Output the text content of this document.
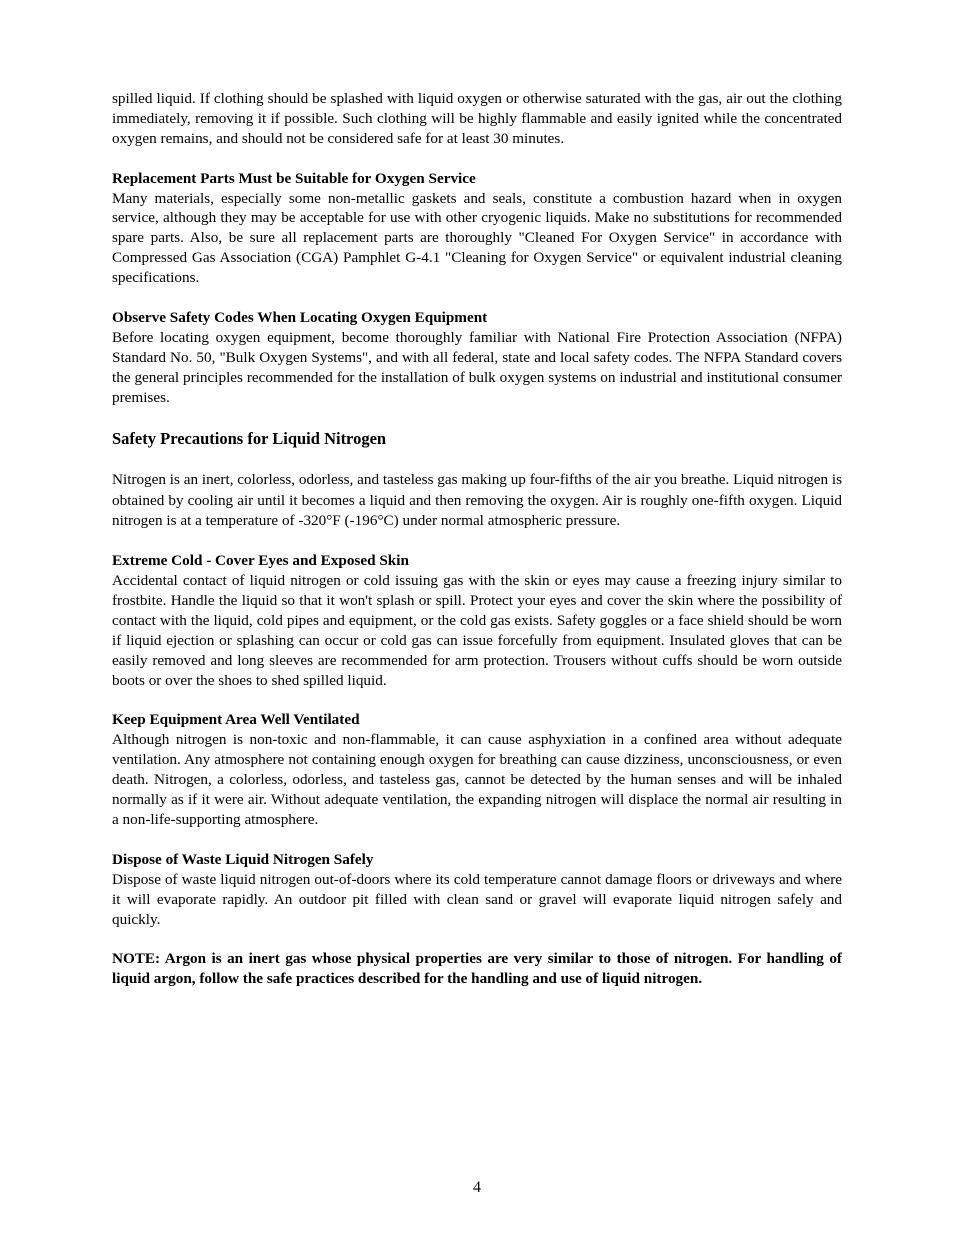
spilled liquid. If clothing should be splashed with liquid oxygen or otherwise saturated with the gas, air out the clothing immediately, removing it if possible. Such clothing will be highly flammable and easily ignited while the concentrated oxygen remains, and should not be considered safe for at least 30 minutes.

Replacement Parts Must be Suitable for Oxygen Service

Many materials, especially some non-metallic gaskets and seals, constitute a combustion hazard when in oxygen service, although they may be acceptable for use with other cryogenic liquids. Make no substitutions for recommended spare parts. Also, be sure all replacement parts are thoroughly "Cleaned For Oxygen Service" in accordance with Compressed Gas Association (CGA) Pamphlet G-4.1 "Cleaning for Oxygen Service" or equivalent industrial cleaning specifications.

Observe Safety Codes When Locating Oxygen Equipment

Before locating oxygen equipment, become thoroughly familiar with National Fire Protection Association (NFPA) Standard No. 50, "Bulk Oxygen Systems", and with all federal, state and local safety codes. The NFPA Standard covers the general principles recommended for the installation of bulk oxygen systems on industrial and institutional consumer premises.

Safety Precautions for Liquid Nitrogen

Nitrogen is an inert, colorless, odorless, and tasteless gas making up four-fifths of the air you breathe. Liquid nitrogen is obtained by cooling air until it becomes a liquid and then removing the oxygen. Air is roughly one-fifth oxygen. Liquid nitrogen is at a temperature of -320°F (-196°C) under normal atmospheric pressure.

Extreme Cold - Cover Eyes and Exposed Skin

Accidental contact of liquid nitrogen or cold issuing gas with the skin or eyes may cause a freezing injury similar to frostbite. Handle the liquid so that it won't splash or spill. Protect your eyes and cover the skin where the possibility of contact with the liquid, cold pipes and equipment, or the cold gas exists. Safety goggles or a face shield should be worn if liquid ejection or splashing can occur or cold gas can issue forcefully from equipment. Insulated gloves that can be easily removed and long sleeves are recommended for arm protection. Trousers without cuffs should be worn outside boots or over the shoes to shed spilled liquid.

Keep Equipment Area Well Ventilated

Although nitrogen is non-toxic and non-flammable, it can cause asphyxiation in a confined area without adequate ventilation. Any atmosphere not containing enough oxygen for breathing can cause dizziness, unconsciousness, or even death. Nitrogen, a colorless, odorless, and tasteless gas, cannot be detected by the human senses and will be inhaled normally as if it were air. Without adequate ventilation, the expanding nitrogen will displace the normal air resulting in a non-life-supporting atmosphere.

Dispose of Waste Liquid Nitrogen Safely

Dispose of waste liquid nitrogen out-of-doors where its cold temperature cannot damage floors or driveways and where it will evaporate rapidly. An outdoor pit filled with clean sand or gravel will evaporate liquid nitrogen safely and quickly.

NOTE: Argon is an inert gas whose physical properties are very similar to those of nitrogen. For handling of liquid argon, follow the safe practices described for the handling and use of liquid nitrogen.

4
